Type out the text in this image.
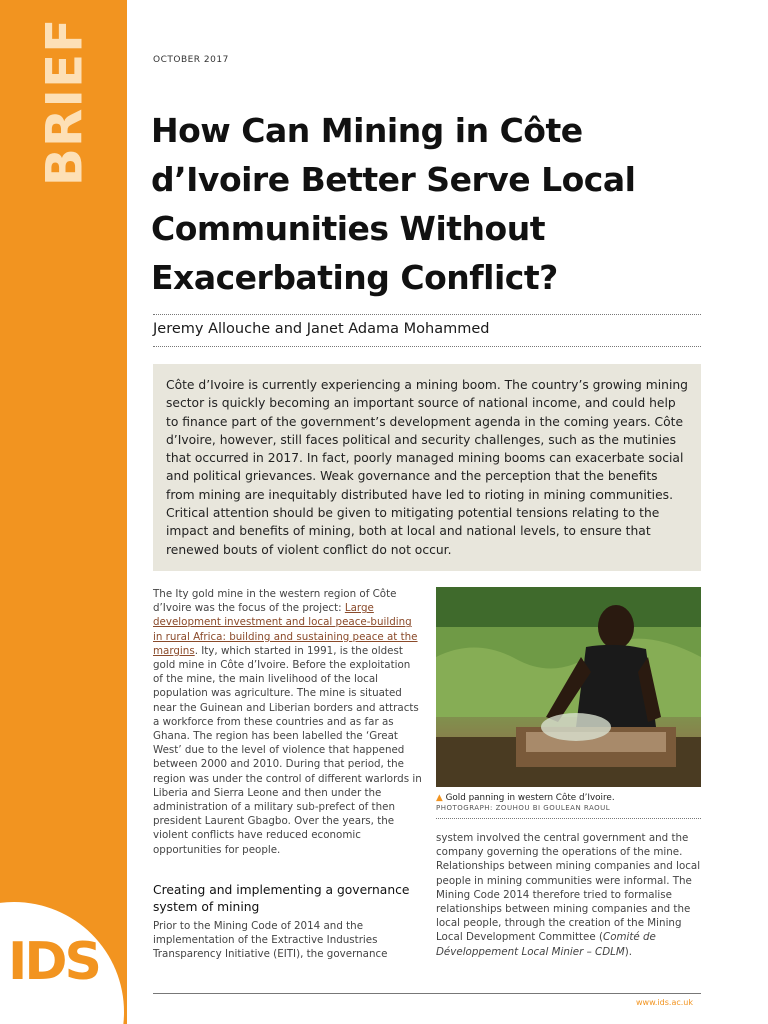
BRIEF
IDS
OCTOBER 2017
How Can Mining in Côte d’Ivoire Better Serve Local Communities Without Exacerbating Conflict?
Jeremy Allouche and Janet Adama Mohammed
Côte d’Ivoire is currently experiencing a mining boom. The country’s growing mining sector is quickly becoming an important source of national income, and could help to finance part of the government’s development agenda in the coming years. Côte d’Ivoire, however, still faces political and security challenges, such as the mutinies that occurred in 2017. In fact, poorly managed mining booms can exacerbate social and political grievances. Weak governance and the perception that the benefits from mining are inequitably distributed have led to rioting in mining communities. Critical attention should be given to mitigating potential tensions relating to the impact and benefits of mining, both at local and national levels, to ensure that renewed bouts of violent conflict do not occur.

The Ity gold mine in the western region of Côte d’Ivoire was the focus of the project: Large development investment and local peace-building in rural Africa: building and sustaining peace at the margins. Ity, which started in 1991, is the oldest gold mine in Côte d’Ivoire. Before the exploitation of the mine, the main livelihood of the local population was agriculture. The mine is situated near the Guinean and Liberian borders and attracts a workforce from these countries and as far as Ghana. The region has been labelled the ‘Great West’ due to the level of violence that happened between 2000 and 2010. During that period, the region was under the control of different warlords in Liberia and Sierra Leone and then under the administration of a military sub-prefect of then president Laurent Gbagbo. Over the years, the violent conflicts have reduced economic opportunities for people.

Creating and implementing a governance system of mining

Prior to the Mining Code of 2014 and the implementation of the Extractive Industries Transparency Initiative (EITI), the governance

▲ Gold panning in western Côte d’Ivoire.
PHOTOGRAPH: ZOUHOU BI GOULEAN RAOUL

system involved the central government and the company governing the operations of the mine. Relationships between mining companies and local people in mining communities were informal. The Mining Code 2014 therefore tried to formalise relationships between mining companies and the local people, through the creation of the Mining Local Development Committee (Comité de Développement Local Minier – CDLM).

www.ids.ac.uk
